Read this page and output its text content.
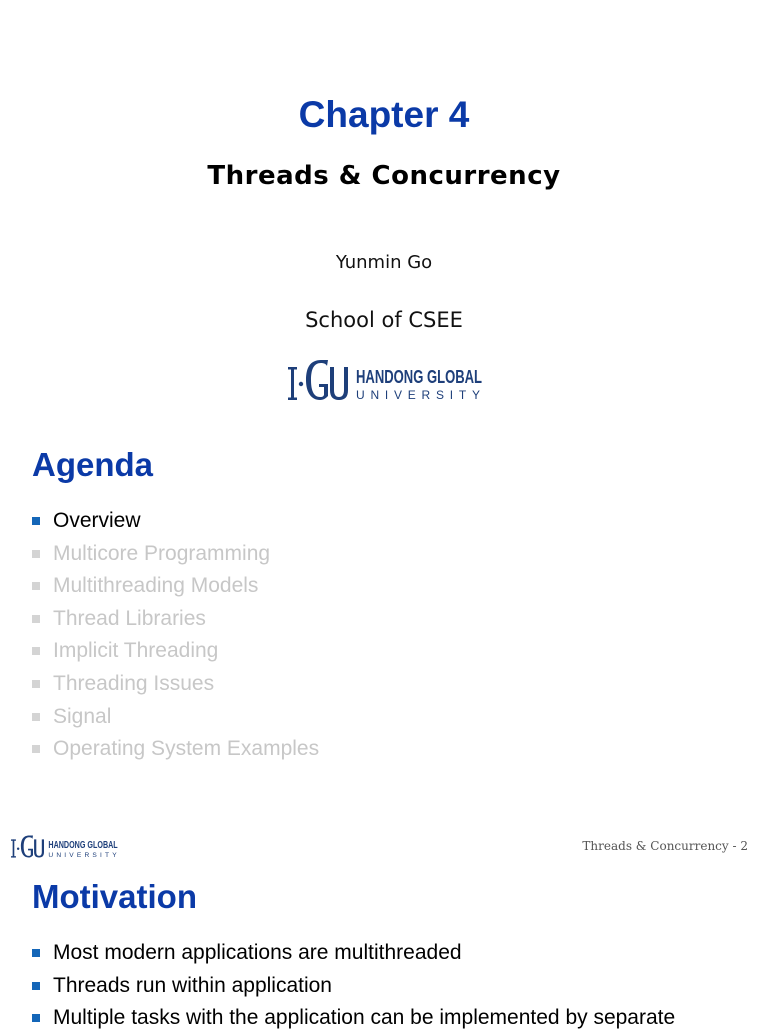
Chapter 4
Threads & Concurrency
Yunmin Go
School of CSEE
HANDONG GLOBAL
UNIVERSITY
Agenda
Overview
Multicore Programming
Multithreading Models
Thread Libraries
Implicit Threading
Threading Issues
Signal
Operating System Examples
HANDONG GLOBAL
UNIVERSITY
Threads & Concurrency - 2
Motivation
Most modern applications are multithreaded
Threads run within application
Multiple tasks with the application can be implemented by separate
